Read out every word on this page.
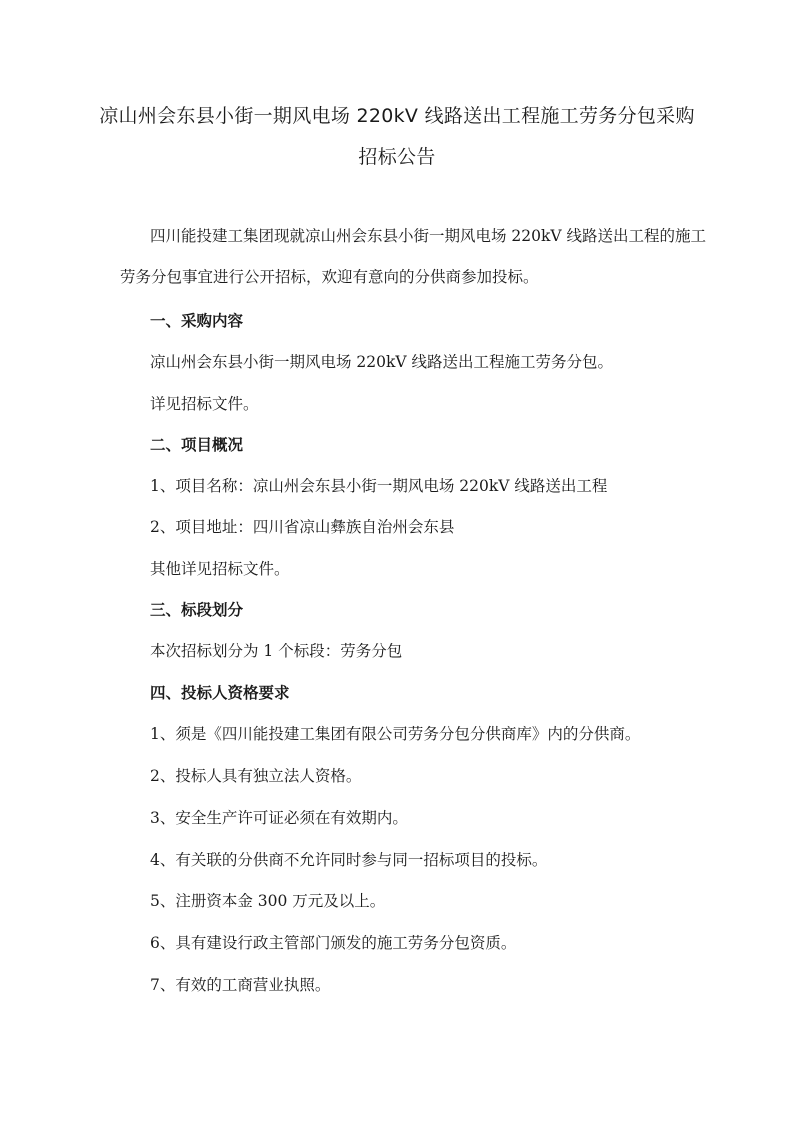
凉山州会东县小街一期风电场 220kV 线路送出工程施工劳务分包采购
招标公告
四川能投建工集团现就凉山州会东县小街一期风电场 220kV 线路送出工程的施工
劳务分包事宜进行公开招标，欢迎有意向的分供商参加投标。
一、采购内容
凉山州会东县小街一期风电场 220kV 线路送出工程施工劳务分包。
详见招标文件。
二、项目概况
1、项目名称：凉山州会东县小街一期风电场 220kV 线路送出工程
2、项目地址：四川省凉山彝族自治州会东县
其他详见招标文件。
三、标段划分
本次招标划分为 1 个标段：劳务分包
四、投标人资格要求
1、须是《四川能投建工集团有限公司劳务分包分供商库》内的分供商。
2、投标人具有独立法人资格。
3、安全生产许可证必须在有效期内。
4、有关联的分供商不允许同时参与同一招标项目的投标。
5、注册资本金 300 万元及以上。
6、具有建设行政主管部门颁发的施工劳务分包资质。
7、有效的工商营业执照。
